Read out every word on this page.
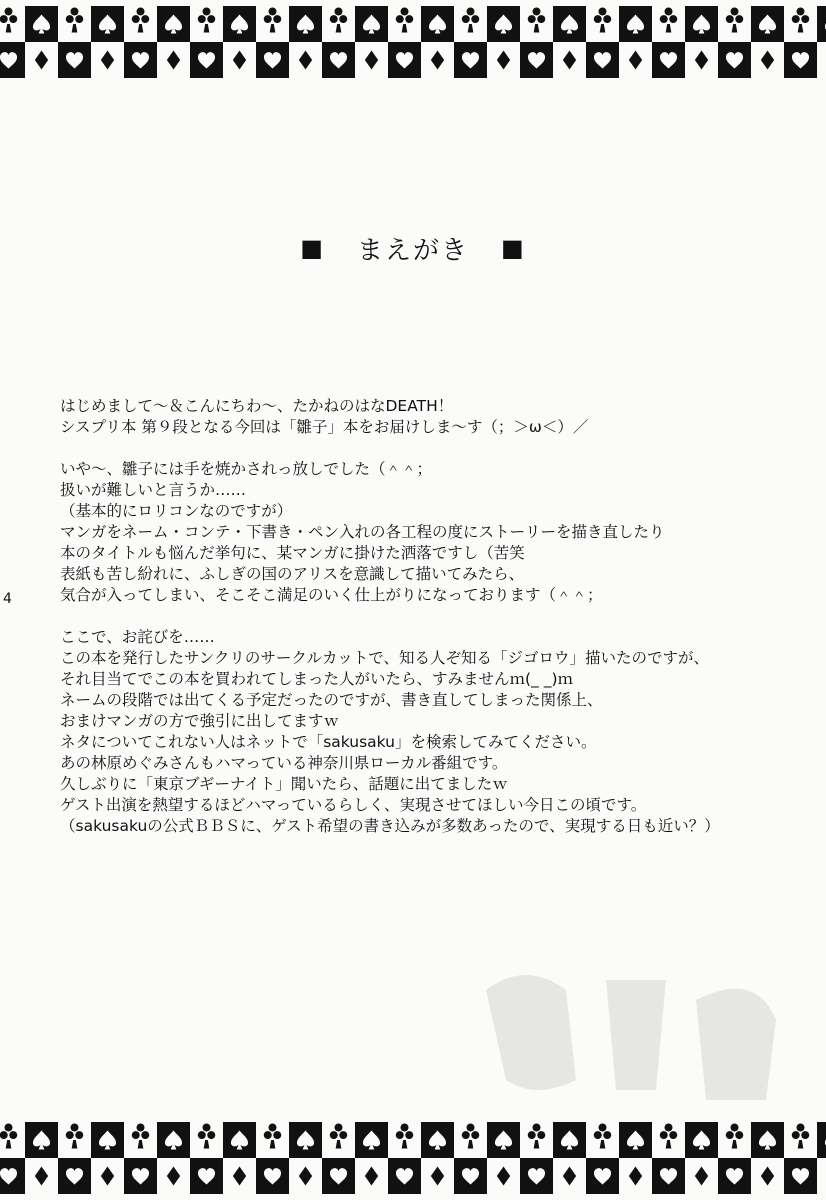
■ まえがき ■
はじめまして～＆こんにちわ～、たかねのはなDEATH！
シスプリ本 第９段となる今回は「雛子」本をお届けしま～す（；＞ω＜）／
いや～、雛子には手を焼かされっ放しでした（＾＾；
扱いが難しいと言うか……
（基本的にロリコンなのですが）
マンガをネーム・コンテ・下書き・ペン入れの各工程の度にストーリーを描き直したり
本のタイトルも悩んだ挙句に、某マンガに掛けた洒落ですし（苦笑
表紙も苦し紛れに、ふしぎの国のアリスを意識して描いてみたら、
気合が入ってしまい、そこそこ満足のいく仕上がりになっております（＾＾；
ここで、お詫びを……
この本を発行したサンクリのサークルカットで、知る人ぞ知る「ジゴロウ」描いたのですが、
それ目当てでこの本を買われてしまった人がいたら、すみませんｍ(_ _)ｍ
ネームの段階では出てくる予定だったのですが、書き直してしまった関係上、
おまけマンガの方で強引に出してますｗ
ネタについてこれない人はネットで「sakusaku」を検索してみてください。
あの林原めぐみさんもハマっている神奈川県ローカル番組です。
久しぶりに「東京ブギーナイト」聞いたら、話題に出てましたｗ
ゲスト出演を熱望するほどハマっているらしく、実現させてほしい今日この頃です。
（sakusakuの公式ＢＢＳに、ゲスト希望の書き込みが多数あったので、実現する日も近い？）
4
